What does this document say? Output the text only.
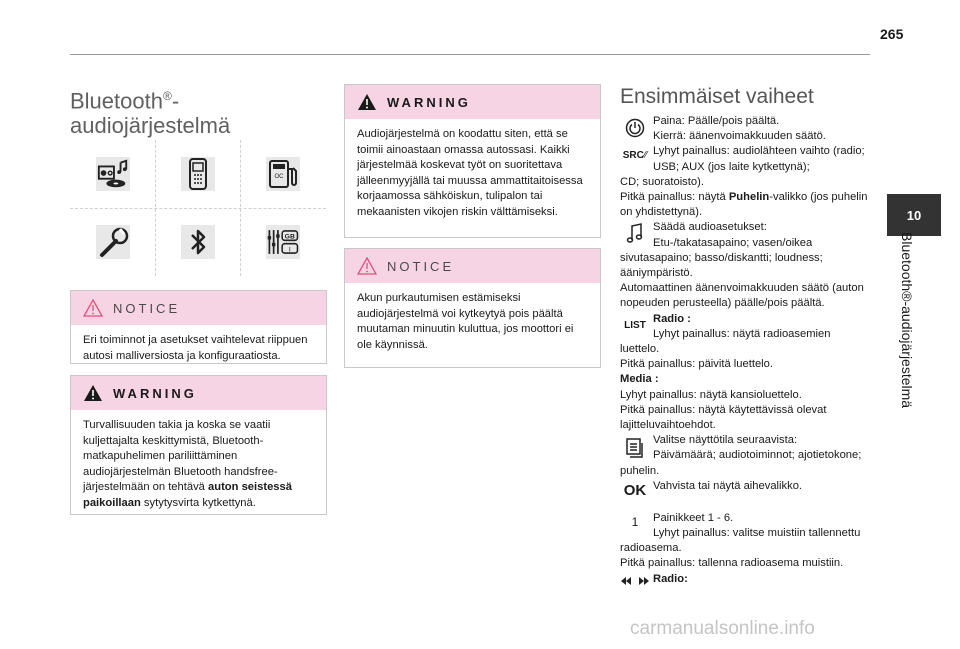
265
10
Bluetooth®-audiojärjestelmä
Bluetooth®-
audiojärjestelmä
OC
GB
I
NOTICE

Eri toiminnot ja asetukset vaihtelevat riippuen autosi malliversiosta ja konfiguraatiosta.

WARNING

Turvallisuuden takia ja koska se vaatii kuljettajalta keskittymistä, Bluetooth-matkapuhelimen pariliittäminen audiojärjestelmän Bluetooth handsfree-järjestelmään on tehtävä auton seistessä paikoillaan sytytysvirta kytkettynä.

WARNING

Audiojärjestelmä on koodattu siten, että se toimii ainoastaan omassa autossasi. Kaikki järjestelmää koskevat työt on suoritettava jälleenmyyjällä tai muussa ammattitaitoisessa korjaamossa sähköiskun, tulipalon tai mekaanisten vikojen riskin välttämiseksi.

NOTICE

Akun purkautumisen estämiseksi audiojärjestelmä voi kytkeytyä pois päältä muutaman minuutin kuluttua, jos moottori ei ole käynnissä.

Ensimmäiset vaiheet

Paina: Päälle/pois päältä.

Kierrä: äänenvoimakkuuden säätö.

SRC ⁄⁄ Lyhyt painallus: audiolähteen vaihto (radio; USB; AUX (jos laite kytkettynä);

CD; suoratoisto).

Pitkä painallus: näytä Puhelin-valikko (jos puhelin on yhdistettynä).

Säädä audioasetukset:

Etu-/takatasapaino; vasen/oikea

sivutasapaino; basso/diskantti; loudness; ääniympäristö.

Automaattinen äänenvoimakkuuden säätö (auton nopeuden perusteella) päälle/pois päältä.

LIST

Radio :

Lyhyt painallus: näytä radioasemien

luettelo.

Pitkä painallus: päivitä luettelo.

Media :

Lyhyt painallus: näytä kansioluettelo.

Pitkä painallus: näytä käytettävissä olevat lajitteluvaihtoehdot.

Valitse näyttötila seuraavista:

Päivämäärä; audiotoiminnot; ajotietokone;

puhelin.

OK Vahvista tai näytä aihevalikko.

1	Painikkeet 1 - 6.

Lyhyt painallus: valitse muistiin tallennettu

radioasema.

Pitkä painallus: tallenna radioasema muistiin.

Radio:

carmanualsonline.info
